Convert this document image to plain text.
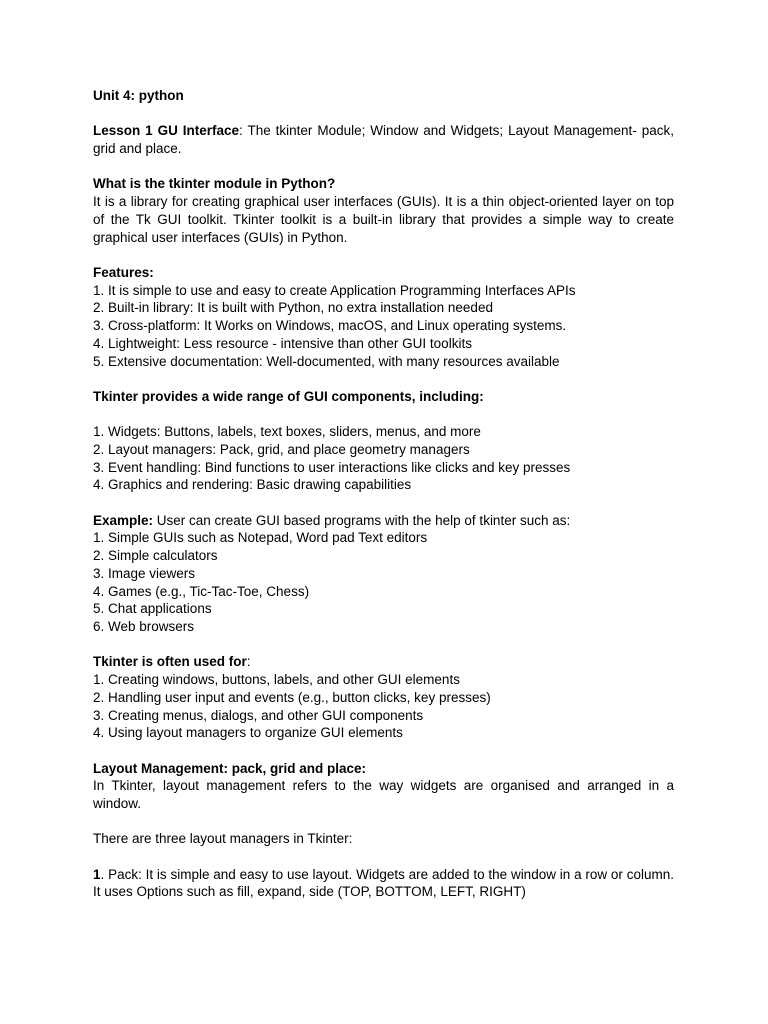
Unit 4: python

Lesson 1 GU Interface: The tkinter Module; Window and Widgets; Layout Management- pack, grid and place.

What is the tkinter module in Python?

It is a library for creating graphical user interfaces (GUIs). It is a thin object-oriented layer on top of the Tk GUI toolkit. Tkinter toolkit is a built-in library that provides a simple way to create graphical user interfaces (GUIs) in Python.

Features:

1. It is simple to use and easy to create Application Programming Interfaces APIs
2. Built-in library: It is built with Python, no extra installation needed
3. Cross-platform: It Works on Windows, macOS, and Linux operating systems.
4. Lightweight: Less resource - intensive than other GUI toolkits
5. Extensive documentation: Well-documented, with many resources available

Tkinter provides a wide range of GUI components, including:

1. Widgets: Buttons, labels, text boxes, sliders, menus, and more
2. Layout managers: Pack, grid, and place geometry managers
3. Event handling: Bind functions to user interactions like clicks and key presses
4. Graphics and rendering: Basic drawing capabilities

Example: User can create GUI based programs with the help of tkinter such as:

1. Simple GUIs such as Notepad, Word pad Text editors
2. Simple calculators
3. Image viewers
4. Games (e.g., Tic-Tac-Toe, Chess)
5. Chat applications
6. Web browsers

Tkinter is often used for:

1. Creating windows, buttons, labels, and other GUI elements
2. Handling user input and events (e.g., button clicks, key presses)
3. Creating menus, dialogs, and other GUI components
4. Using layout managers to organize GUI elements

Layout Management: pack, grid and place:

In Tkinter, layout management refers to the way widgets are organised and arranged in a window.

There are three layout managers in Tkinter:

1. Pack: It is simple and easy to use layout. Widgets are added to the window in a row or column. It uses Options such as fill, expand, side (TOP, BOTTOM, LEFT, RIGHT)
